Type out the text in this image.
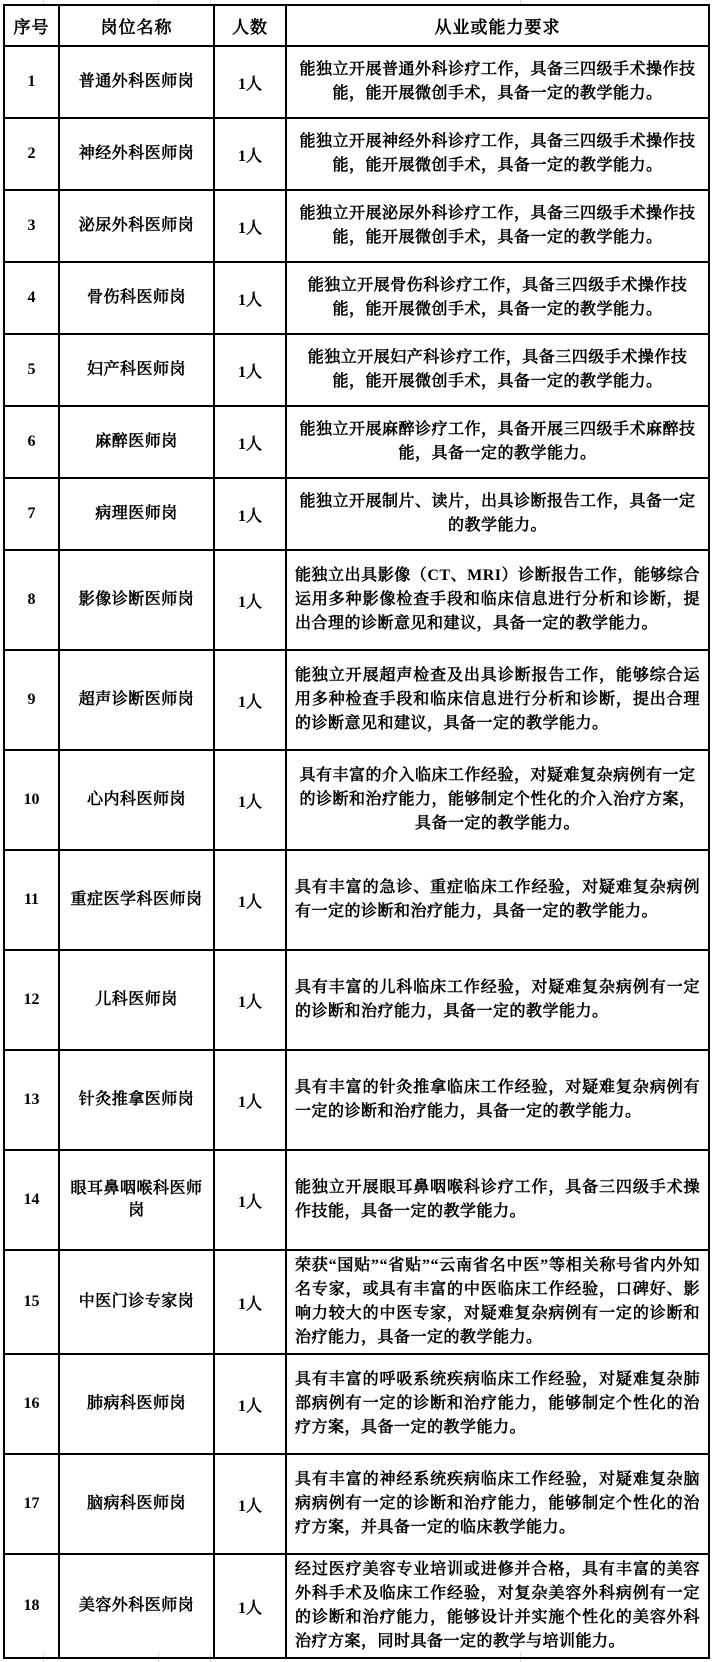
序号	岗位名称	人数	从业或能力要求
1	普通外科医师岗	1人	能独立开展普通外科诊疗工作，具备三四级手术操作技能，能开展微创手术，具备一定的教学能力。
2	神经外科医师岗	1人	能独立开展神经外科诊疗工作，具备三四级手术操作技能，能开展微创手术，具备一定的教学能力。
3	泌尿外科医师岗	1人	能独立开展泌尿外科诊疗工作，具备三四级手术操作技能，能开展微创手术，具备一定的教学能力。
4	骨伤科医师岗	1人	能独立开展骨伤科诊疗工作，具备三四级手术操作技能，能开展微创手术，具备一定的教学能力。
5	妇产科医师岗	1人	能独立开展妇产科诊疗工作，具备三四级手术操作技能，能开展微创手术，具备一定的教学能力。
6	麻醉医师岗	1人	能独立开展麻醉诊疗工作，具备开展三四级手术麻醉技能，具备一定的教学能力。
7	病理医师岗	1人	能独立开展制片、读片，出具诊断报告工作，具备一定的教学能力。
8	影像诊断医师岗	1人	能独立出具影像（CT、MRI）诊断报告工作，能够综合运用多种影像检查手段和临床信息进行分析和诊断，提出合理的诊断意见和建议，具备一定的教学能力。
9	超声诊断医师岗	1人	能独立开展超声检查及出具诊断报告工作，能够综合运用多种检查手段和临床信息进行分析和诊断，提出合理的诊断意见和建议，具备一定的教学能力。
10	心内科医师岗	1人	具有丰富的介入临床工作经验，对疑难复杂病例有一定的诊断和治疗能力，能够制定个性化的介入治疗方案，具备一定的教学能力。
11	重症医学科医师岗	1人	具有丰富的急诊、重症临床工作经验，对疑难复杂病例有一定的诊断和治疗能力，具备一定的教学能力。
12	儿科医师岗	1人	具有丰富的儿科临床工作经验，对疑难复杂病例有一定的诊断和治疗能力，具备一定的教学能力。
13	针灸推拿医师岗	1人	具有丰富的针灸推拿临床工作经验，对疑难复杂病例有一定的诊断和治疗能力，具备一定的教学能力。
14	眼耳鼻咽喉科医师岗	1人	能独立开展眼耳鼻咽喉科诊疗工作，具备三四级手术操作技能，具备一定的教学能力。
15	中医门诊专家岗	1人	荣获“国贴”“省贴”“云南省名中医”等相关称号省内外知名专家，或具有丰富的中医临床工作经验，口碑好、影响力较大的中医专家，对疑难复杂病例有一定的诊断和治疗能力，具备一定的教学能力。
16	肺病科医师岗	1人	具有丰富的呼吸系统疾病临床工作经验，对疑难复杂肺部病例有一定的诊断和治疗能力，能够制定个性化的治疗方案，具备一定的教学能力。
17	脑病科医师岗	1人	具有丰富的神经系统疾病临床工作经验，对疑难复杂脑病病例有一定的诊断和治疗能力，能够制定个性化的治疗方案，并具备一定的临床教学能力。
18	美容外科医师岗	1人	经过医疗美容专业培训或进修并合格，具有丰富的美容外科手术及临床工作经验，对复杂美容外科病例有一定的诊断和治疗能力，能够设计并实施个性化的美容外科治疗方案，同时具备一定的教学与培训能力。
